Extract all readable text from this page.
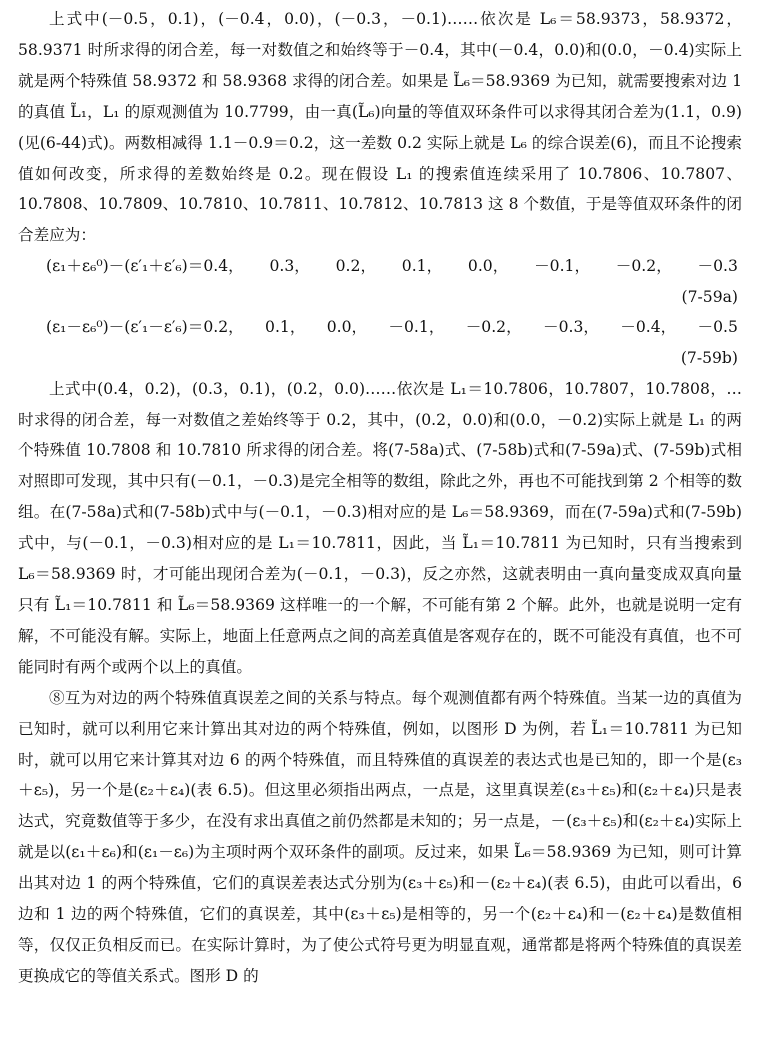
上式中(－0.5，0.1)，(－0.4，0.0)，(－0.3，－0.1)……依次是 L₆＝58.9373，58.9372，58.9371 时所求得的闭合差，每一对数值之和始终等于－0.4，其中(－0.4，0.0)和(0.0，－0.4)实际上就是两个特殊值 58.9372 和 58.9368 求得的闭合差。如果是 L̃₆＝58.9369 为已知，就需要搜索对边 1 的真值 L̃₁，L₁ 的原观测值为 10.7799，由一真(L̃₆)向量的等值双环条件可以求得其闭合差为(1.1，0.9)(见(6-44)式)。两数相减得 1.1－0.9＝0.2，这一差数 0.2 实际上就是 L₆ 的综合误差(6)，而且不论搜索值如何改变，所求得的差数始终是 0.2。现在假设 L₁ 的搜索值连续采用了 10.7806、10.7807、10.7808、10.7809、10.7810、10.7811、10.7812、10.7813 这 8 个数值，于是等值双环条件的闭合差应为：

(ε₁＋ε₆⁰)－(ε′₁＋ε′₆)＝0.4， 0.3， 0.2， 0.1， 0.0， －0.1， －0.2， －0.3

(7-59a)

(ε₁－ε₆⁰)－(ε′₁－ε′₆)＝0.2， 0.1， 0.0， －0.1， －0.2， －0.3， －0.4， －0.5

(7-59b)

上式中(0.4，0.2)，(0.3，0.1)，(0.2，0.0)……依次是 L₁＝10.7806，10.7807，10.7808，…时求得的闭合差，每一对数值之差始终等于 0.2，其中，(0.2，0.0)和(0.0，－0.2)实际上就是 L₁ 的两个特殊值 10.7808 和 10.7810 所求得的闭合差。将(7-58a)式、(7-58b)式和(7-59a)式、(7-59b)式相对照即可发现，其中只有(－0.1，－0.3)是完全相等的数组，除此之外，再也不可能找到第 2 个相等的数组。在(7-58a)式和(7-58b)式中与(－0.1，－0.3)相对应的是 L₆＝58.9369，而在(7-59a)式和(7-59b)式中，与(－0.1，－0.3)相对应的是 L₁＝10.7811，因此，当 L̃₁＝10.7811 为已知时，只有当搜索到 L₆＝58.9369 时，才可能出现闭合差为(－0.1，－0.3)，反之亦然，这就表明由一真向量变成双真向量只有 L̃₁＝10.7811 和 L̃₆＝58.9369 这样唯一的一个解，不可能有第 2 个解。此外，也就是说明一定有解，不可能没有解。实际上，地面上任意两点之间的高差真值是客观存在的，既不可能没有真值，也不可能同时有两个或两个以上的真值。

⑧互为对边的两个特殊值真误差之间的关系与特点。每个观测值都有两个特殊值。当某一边的真值为已知时，就可以利用它来计算出其对边的两个特殊值，例如，以图形 D 为例，若 L̃₁＝10.7811 为已知时，就可以用它来计算其对边 6 的两个特殊值，而且特殊值的真误差的表达式也是已知的，即一个是(ε₃＋ε₅)，另一个是(ε₂＋ε₄)(表 6.5)。但这里必须指出两点，一点是，这里真误差(ε₃＋ε₅)和(ε₂＋ε₄)只是表达式，究竟数值等于多少，在没有求出真值之前仍然都是未知的；另一点是，－(ε₃＋ε₅)和(ε₂＋ε₄)实际上就是以(ε₁＋ε₆)和(ε₁－ε₆)为主项时两个双环条件的副项。反过来，如果 L̃₆＝58.9369 为已知，则可计算出其对边 1 的两个特殊值，它们的真误差表达式分别为(ε₃＋ε₅)和－(ε₂＋ε₄)(表 6.5)，由此可以看出，6 边和 1 边的两个特殊值，它们的真误差，其中(ε₃＋ε₅)是相等的，另一个(ε₂＋ε₄)和－(ε₂＋ε₄)是数值相等，仅仅正负相反而已。在实际计算时，为了使公式符号更为明显直观，通常都是将两个特殊值的真误差更换成它的等值关系式。图形 D 的
